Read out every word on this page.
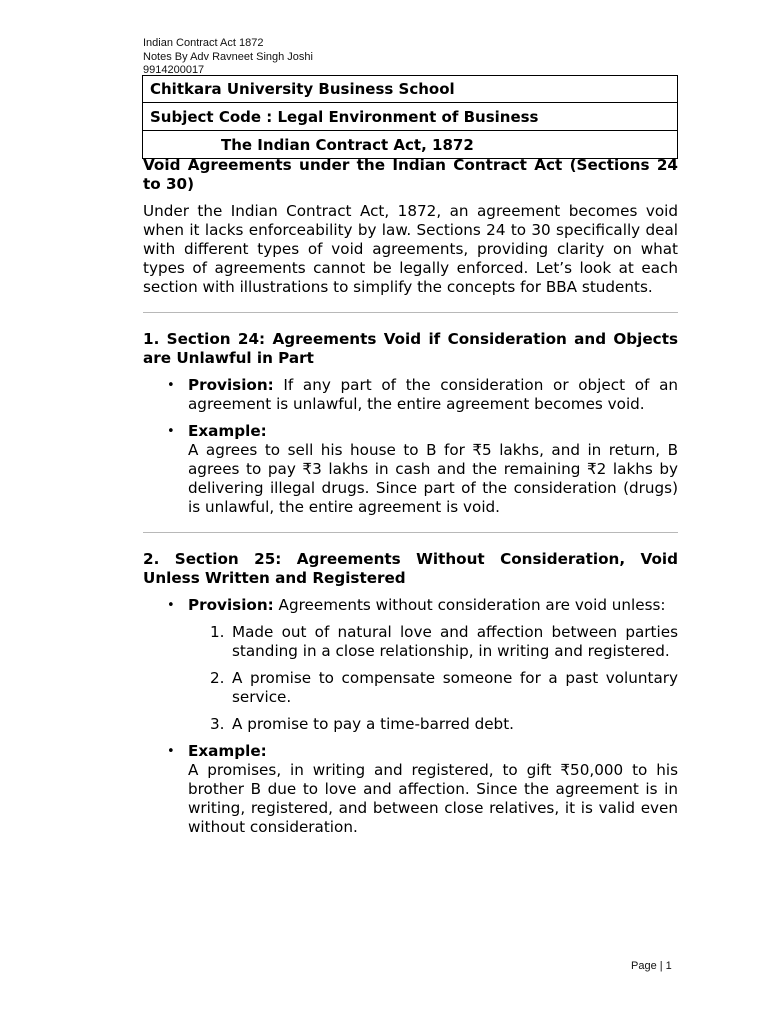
Indian Contract Act 1872
Notes By Adv Ravneet Singh Joshi
9914200017
Chitkara University Business School
Subject Code : Legal Environment of Business
The Indian Contract Act, 1872
Void Agreements under the Indian Contract Act (Sections 24 to 30)

Under the Indian Contract Act, 1872, an agreement becomes void when it lacks enforceability by law. Sections 24 to 30 specifically deal with different types of void agreements, providing clarity on what types of agreements cannot be legally enforced. Let’s look at each section with illustrations to simplify the concepts for BBA students.

1. Section 24: Agreements Void if Consideration and Objects are Unlawful in Part
• Provision: If any part of the consideration or object of an agreement is unlawful, the entire agreement becomes void.
• Example:
A agrees to sell his house to B for ₹5 lakhs, and in return, B agrees to pay ₹3 lakhs in cash and the remaining ₹2 lakhs by delivering illegal drugs. Since part of the consideration (drugs) is unlawful, the entire agreement is void.
2. Section 25: Agreements Without Consideration, Void Unless Written and Registered
• Provision: Agreements without consideration are void unless:
1. Made out of natural love and affection between parties standing in a close relationship, in writing and registered.
2. A promise to compensate someone for a past voluntary service.
3. A promise to pay a time-barred debt.
• Example:
A promises, in writing and registered, to gift ₹50,000 to his brother B due to love and affection. Since the agreement is in writing, registered, and between close relatives, it is valid even without consideration.
Page | 1
